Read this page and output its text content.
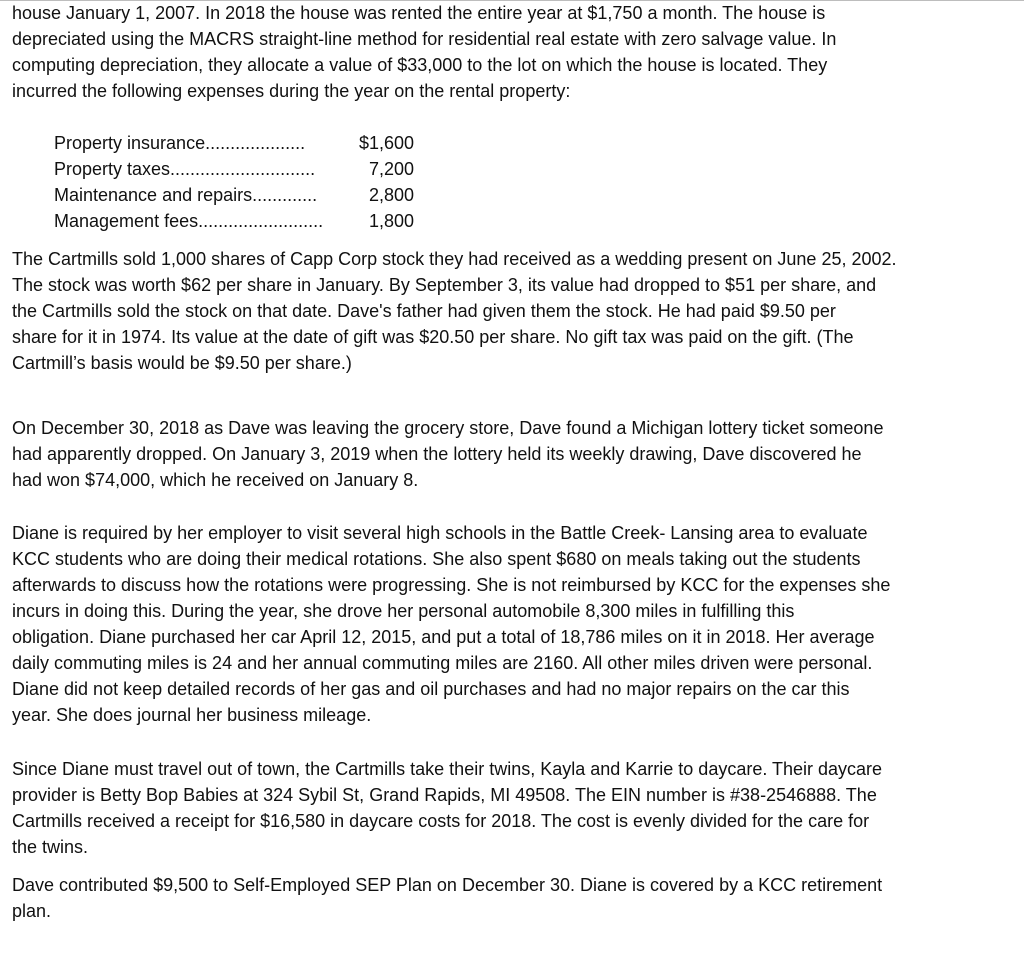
house January 1, 2007. In 2018 the house was rented the entire year at $1,750 a month. The house is
depreciated using the MACRS straight-line method for residential real estate with zero salvage value. In
computing depreciation, they allocate a value of $33,000 to the lot on which the house is located. They
incurred the following expenses during the year on the rental property:
Property insurance....................	$1,600
Property taxes.............................	7,200
Maintenance and repairs.............	2,800
Management fees.........................	1,800
The Cartmills sold 1,000 shares of Capp Corp stock they had received as a wedding present on June 25, 2002.
The stock was worth $62 per share in January. By September 3, its value had dropped to $51 per share, and
the Cartmills sold the stock on that date. Dave's father had given them the stock. He had paid $9.50 per
share for it in 1974. Its value at the date of gift was $20.50 per share. No gift tax was paid on the gift. (The
Cartmill’s basis would be $9.50 per share.)
On December 30, 2018 as Dave was leaving the grocery store, Dave found a Michigan lottery ticket someone
had apparently dropped. On January 3, 2019 when the lottery held its weekly drawing, Dave discovered he
had won $74,000, which he received on January 8.
Diane is required by her employer to visit several high schools in the Battle Creek- Lansing area to evaluate
KCC students who are doing their medical rotations. She also spent $680 on meals taking out the students
afterwards to discuss how the rotations were progressing. She is not reimbursed by KCC for the expenses she
incurs in doing this. During the year, she drove her personal automobile 8,300 miles in fulfilling this
obligation. Diane purchased her car April 12, 2015, and put a total of 18,786 miles on it in 2018. Her average
daily commuting miles is 24 and her annual commuting miles are 2160. All other miles driven were personal.
Diane did not keep detailed records of her gas and oil purchases and had no major repairs on the car this
year. She does journal her business mileage.
Since Diane must travel out of town, the Cartmills take their twins, Kayla and Karrie to daycare. Their daycare
provider is Betty Bop Babies at 324 Sybil St, Grand Rapids, MI 49508. The EIN number is #38-2546888. The
Cartmills received a receipt for $16,580 in daycare costs for 2018. The cost is evenly divided for the care for
the twins.
Dave contributed $9,500 to Self-Employed SEP Plan on December 30. Diane is covered by a KCC retirement
plan.
